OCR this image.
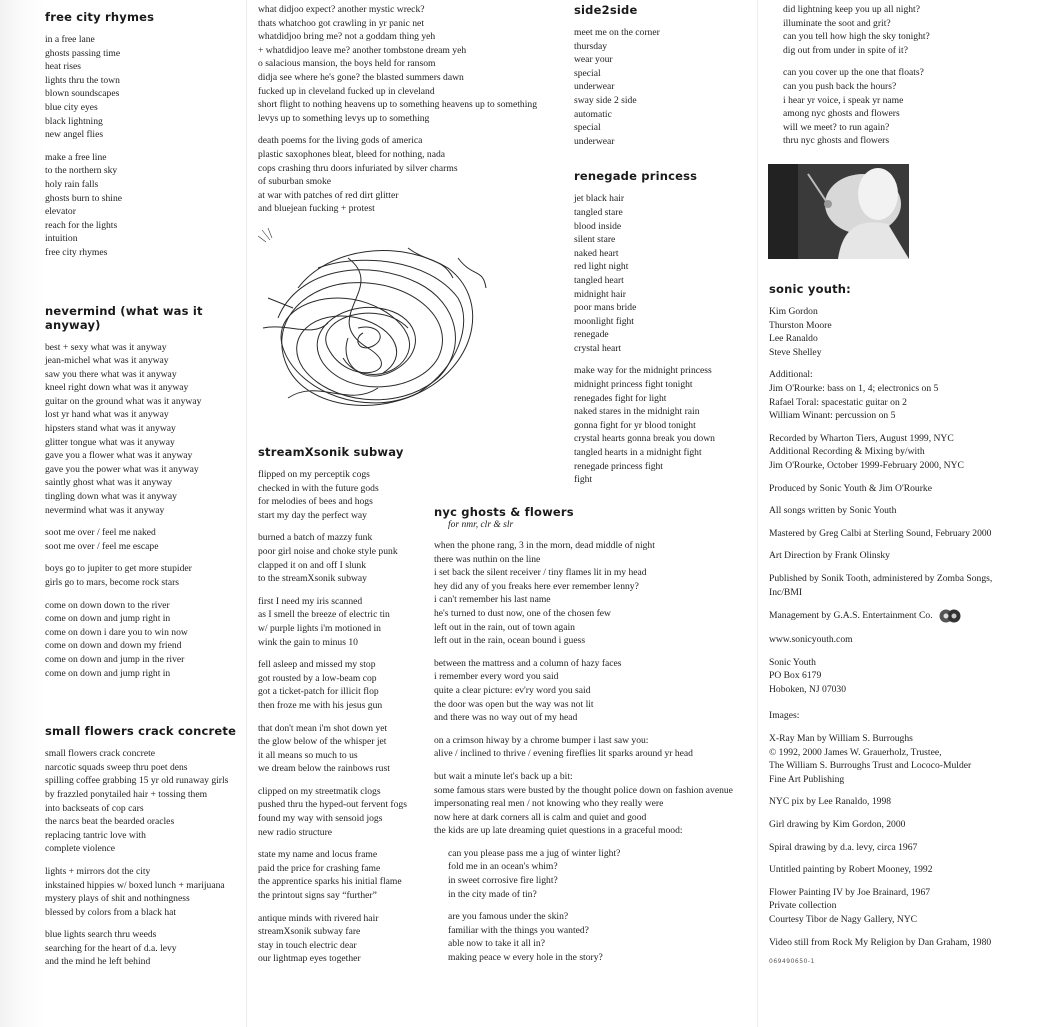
free city rhymes
in a free lane
ghosts passing time
heat rises
lights thru the town
blown soundscapes
blue city eyes
black lightning
new angel flies
make a free line
to the northern sky
holy rain falls
ghosts burn to shine
elevator
reach for the lights
intuition
free city rhymes
nevermind (what was it anyway)
best + sexy what was it anyway
jean-michel what was it anyway
saw you there what was it anyway
kneel right down what was it anyway
guitar on the ground what was it anyway
lost yr hand what was it anyway
hipsters stand what was it anyway
glitter tongue what was it anyway
gave you a flower what was it anyway
gave you the power what was it anyway
saintly ghost what was it anyway
tingling down what was it anyway
nevermind what was it anyway
soot me over / feel me naked
soot me over / feel me escape
boys go to jupiter to get more stupider
girls go to mars, become rock stars
come on down down to the river
come on down and jump right in
come on down i dare you to win now
come on down and down my friend
come on down and jump in the river
come on down and jump right in
small flowers crack concrete
small flowers crack concrete
narcotic squads sweep thru poet dens
spilling coffee grabbing 15 yr old runaway girls
by frazzled ponytailed hair + tossing them
into backseats of cop cars
the narcs beat the bearded oracles
replacing tantric love with
complete violence
lights + mirrors dot the city
inkstained hippies w/ boxed lunch + marijuana
mystery plays of shit and nothingness
blessed by colors from a black hat
blue lights search thru weeds
searching for the heart of d.a. levy
and the mind he left behind
what didjoo expect? another mystic wreck?
thats whatchoo got crawling in yr panic net
whatdidjoo bring me? not a goddam thing yeh
+ whatdidjoo leave me? another tombstone dream yeh
o salacious mansion, the boys held for ransom
didja see where he's gone? the blasted summers dawn
fucked up in cleveland fucked up in cleveland
short flight to nothing heavens up to something heavens up to something
levys up to something levys up to something
death poems for the living gods of america
plastic saxophones bleat, bleed for nothing, nada
cops crashing thru doors infuriated by silver charms
of suburban smoke
at war with patches of red dirt glitter
and bluejean fucking + protest
streamXsonik subway
flipped on my perceptik cogs
checked in with the future gods
for melodies of bees and hogs
start my day the perfect way
burned a batch of mazzy funk
poor girl noise and choke style punk
clapped it on and off I slunk
to the streamXsonik subway
first I need my iris scanned
as I smell the breeze of electric tin
w/ purple lights i'm motioned in
wink the gain to minus 10
fell asleep and missed my stop
got rousted by a low-beam cop
got a ticket-patch for illicit flop
then froze me with his jesus gun
that don't mean i'm shot down yet
the glow below of the whisper jet
it all means so much to us
we dream below the rainbows rust
clipped on my streetmatik clogs
pushed thru the hyped-out fervent fogs
found my way with sensoid jogs
new radio structure
state my name and locus frame
paid the price for crashing fame
the apprentice sparks his initial flame
the printout signs say “further”
antique minds with rivered hair
streamXsonik subway fare
stay in touch electric dear
our lightmap eyes together
side2side
meet me on the corner
thursday
wear your
special
underwear
sway side 2 side
automatic
special
underwear
renegade princess
jet black hair
tangled stare
blood inside
silent stare
naked heart
red light night
tangled heart
midnight hair
poor mans bride
moonlight fight
renegade
crystal heart
make way for the midnight princess
midnight princess fight tonight
renegades fight for light
naked stares in the midnight rain
gonna fight for yr blood tonight
crystal hearts gonna break you down
tangled hearts in a midnight fight
renegade princess fight
fight
nyc ghosts & flowers
for nmr, clr & slr
when the phone rang, 3 in the morn, dead middle of night
there was nuthin on the line
i set back the silent receiver / tiny flames lit in my head
hey did any of you freaks here ever remember lenny?
i can't remember his last name
he's turned to dust now, one of the chosen few
left out in the rain, out of town again
left out in the rain, ocean bound i guess
between the mattress and a column of hazy faces
i remember every word you said
quite a clear picture: ev'ry word you said
the door was open but the way was not lit
and there was no way out of my head
on a crimson hiway by a chrome bumper i last saw you:
alive / inclined to thrive / evening fireflies lit sparks around yr head
but wait a minute let's back up a bit:
some famous stars were busted by the thought police down on fashion avenue
impersonating real men / not knowing who they really were
now here at dark corners all is calm and quiet and good
the kids are up late dreaming quiet questions in a graceful mood:
can you please pass me a jug of winter light?
fold me in an ocean's whim?
in sweet corrosive fire light?
in the city made of tin?
are you famous under the skin?
familiar with the things you wanted?
able now to take it all in?
making peace w every hole in the story?
did lightning keep you up all night?
illuminate the soot and grit?
can you tell how high the sky tonight?
dig out from under in spite of it?
can you cover up the one that floats?
can you push back the hours?
i hear yr voice, i speak yr name
among nyc ghosts and flowers
will we meet? to run again?
thru nyc ghosts and flowers
sonic youth:
Kim Gordon
Thurston Moore
Lee Ranaldo
Steve Shelley
Additional:
Jim O'Rourke: bass on 1, 4; electronics on 5
Rafael Toral: spacestatic guitar on 2
William Winant: percussion on 5
Recorded by Wharton Tiers, August 1999, NYC
Additional Recording & Mixing by/with
Jim O'Rourke, October 1999-February 2000, NYC
Produced by Sonic Youth & Jim O'Rourke
All songs written by Sonic Youth
Mastered by Greg Calbi at Sterling Sound, February 2000
Art Direction by Frank Olinsky
Published by Sonik Tooth, administered by Zomba Songs,
Inc/BMI
Management by G.A.S. Entertainment Co.
www.sonicyouth.com
Sonic Youth
PO Box 6179
Hoboken, NJ 07030
Images:
X-Ray Man by William S. Burroughs
© 1992, 2000 James W. Grauerholz, Trustee,
The William S. Burroughs Trust and Lococo-Mulder
Fine Art Publishing
NYC pix by Lee Ranaldo, 1998
Girl drawing by Kim Gordon, 2000
Spiral drawing by d.a. levy, circa 1967
Untitled painting by Robert Mooney, 1992
Flower Painting IV by Joe Brainard, 1967
Private collection
Courtesy Tibor de Nagy Gallery, NYC
Video still from Rock My Religion by Dan Graham, 1980
069490650-1
